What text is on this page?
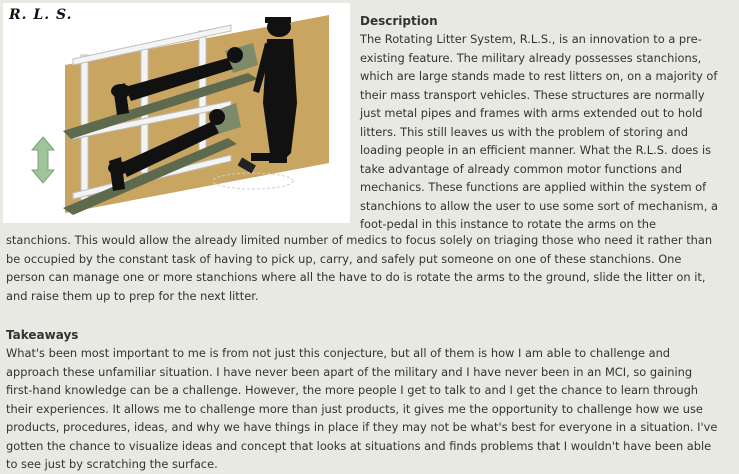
R. L. S.	Description

The Rotating Litter System, R.L.S., is an innovation to a pre-

existing feature. The military already possesses stanchions,

which are large stands made to rest litters on, on a majority of

their mass transport vehicles. These structures are normally

just metal pipes and frames with arms extended out to hold

litters. This still leaves us with the problem of storing and

loading people in an efficient manner. What the R.L.S. does is

take advantage of already common motor functions and

mechanics. These functions are applied within the system of

stanchions to allow the user to use some sort of mechanism, a

foot-pedal in this instance to rotate the arms on the

stanchions. This would allow the already limited number of medics to focus solely on triaging those who need it rather than

be occupied by the constant task of having to pick up, carry, and safely put someone on one of these stanchions. One

person can manage one or more stanchions where all the have to do is rotate the arms to the ground, slide the litter on it,

and raise them up to prep for the next litter.

Takeaways

What's been most important to me is from not just this conjecture, but all of them is how I am able to challenge and

approach these unfamiliar situation. I have never been apart of the military and I have never been in an MCI, so gaining

first-hand knowledge can be a challenge. However, the more people I get to talk to and I get the chance to learn through

their experiences. It allows me to challenge more than just products, it gives me the opportunity to challenge how we use

products, procedures, ideas, and why we have things in place if they may not be what's best for everyone in a situation. I've

gotten the chance to visualize ideas and concept that looks at situations and finds problems that I wouldn't have been able

to see just by scratching the surface.
